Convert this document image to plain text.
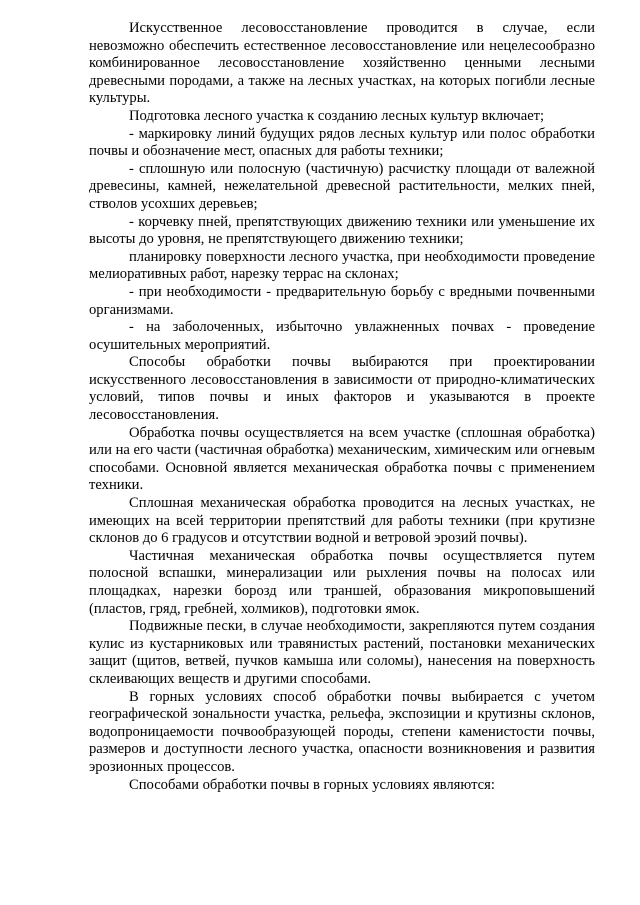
Искусственное лесовосстановление проводится в случае, если невозможно обеспечить естественное лесовосстановление или нецелесообразно комбинированное лесовосстановление хозяйственно ценными лесными древесными породами, а также на лесных участках, на которых погибли лесные культуры.

Подготовка лесного участка к созданию лесных культур включает;

- маркировку линий будущих рядов лесных культур или полос обработки почвы и обозначение мест, опасных для работы техники;

- сплошную или полосную (частичную) расчистку площади от валежной древесины, камней, нежелательной древесной растительности, мелких пней, стволов усохших деревьев;

- корчевку пней, препятствующих движению техники или уменьшение их высоты до уровня, не препятствующего движению техники;

планировку поверхности лесного участка, при необходимости проведение мелиоративных работ, нарезку террас на склонах;

- при необходимости - предварительную борьбу с вредными почвенными организмами.

- на заболоченных, избыточно увлажненных почвах - проведение осушительных мероприятий.

Способы обработки почвы выбираются при проектировании искусственного лесовосстановления в зависимости от природно-климатических условий, типов почвы и иных факторов и указываются в проекте лесовосстановления.

Обработка почвы осуществляется на всем участке (сплошная обработка) или на его части (частичная обработка) механическим, химическим или огневым способами. Основной является механическая обработка почвы с применением техники.

Сплошная механическая обработка проводится на лесных участках, не имеющих на всей территории препятствий для работы техники (при крутизне склонов до 6 градусов и отсутствии водной и ветровой эрозий почвы).

Частичная механическая обработка почвы осуществляется путем полосной вспашки, минерализации или рыхления почвы на полосах или площадках, нарезки борозд или траншей, образования микроповышений (пластов, гряд, гребней, холмиков), подготовки ямок.

Подвижные пески, в случае необходимости, закрепляются путем создания кулис из кустарниковых или травянистых растений, постановки механических защит (щитов, ветвей, пучков камыша или соломы), нанесения на поверхность склеивающих веществ и другими способами.

В горных условиях способ обработки почвы выбирается с учетом географической зональности участка, рельефа, экспозиции и крутизны склонов, водопроницаемости почвообразующей породы, степени каменистости почвы, размеров и доступности лесного участка, опасности возникновения и развития эрозионных процессов.

Способами обработки почвы в горных условиях являются:
